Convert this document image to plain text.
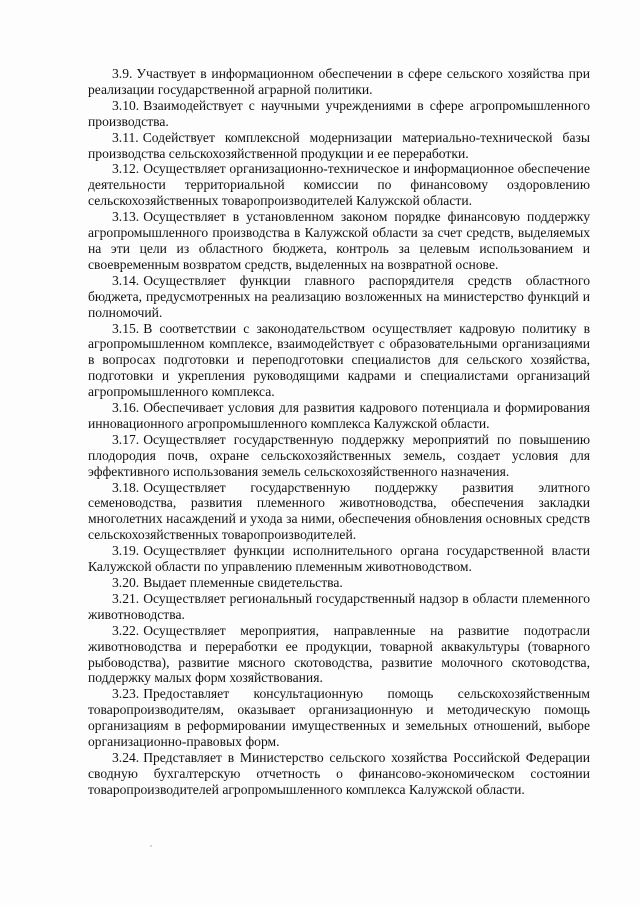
3.9. Участвует в информационном обеспечении в сфере сельского хозяйства при реализации государственной аграрной политики.

3.10. Взаимодействует с научными учреждениями в сфере агропромышленного производства.

3.11. Содействует комплексной модернизации материально-технической базы производства сельскохозяйственной продукции и ее переработки.

3.12. Осуществляет организационно-техническое и информационное обеспечение деятельности территориальной комиссии по финансовому оздоровлению сельскохозяйственных товаропроизводителей Калужской области.

3.13. Осуществляет в установленном законом порядке финансовую поддержку агропромышленного производства в Калужской области за счет средств, выделяемых на эти цели из областного бюджета, контроль за целевым использованием и своевременным возвратом средств, выделенных на возвратной основе.

3.14. Осуществляет функции главного распорядителя средств областного бюджета, предусмотренных на реализацию возложенных на министерство функций и полномочий.

3.15. В соответствии с законодательством осуществляет кадровую политику в агропромышленном комплексе, взаимодействует с образовательными организациями в вопросах подготовки и переподготовки специалистов для сельского хозяйства, подготовки и укрепления руководящими кадрами и специалистами организаций агропромышленного комплекса.

3.16. Обеспечивает условия для развития кадрового потенциала и формирования инновационного агропромышленного комплекса Калужской области.

3.17. Осуществляет государственную поддержку мероприятий по повышению плодородия почв, охране сельскохозяйственных земель, создает условия для эффективного использования земель сельскохозяйственного назначения.

3.18. Осуществляет государственную поддержку развития элитного семеноводства, развития племенного животноводства, обеспечения закладки многолетних насаждений и ухода за ними, обеспечения обновления основных средств сельскохозяйственных товаропроизводителей.

3.19. Осуществляет функции исполнительного органа государственной власти Калужской области по управлению племенным животноводством.

3.20. Выдает племенные свидетельства.

3.21. Осуществляет региональный государственный надзор в области племенного животноводства.

3.22. Осуществляет мероприятия, направленные на развитие подотрасли животноводства и переработки ее продукции, товарной аквакультуры (товарного рыбоводства), развитие мясного скотоводства, развитие молочного скотоводства, поддержку малых форм хозяйствования.

3.23. Предоставляет консультационную помощь сельскохозяйственным товаропроизводителям, оказывает организационную и методическую помощь организациям в реформировании имущественных и земельных отношений, выборе организационно-правовых форм.

3.24. Представляет в Министерство сельского хозяйства Российской Федерации сводную бухгалтерскую отчетность о финансово-экономическом состоянии товаропроизводителей агропромышленного комплекса Калужской области.
